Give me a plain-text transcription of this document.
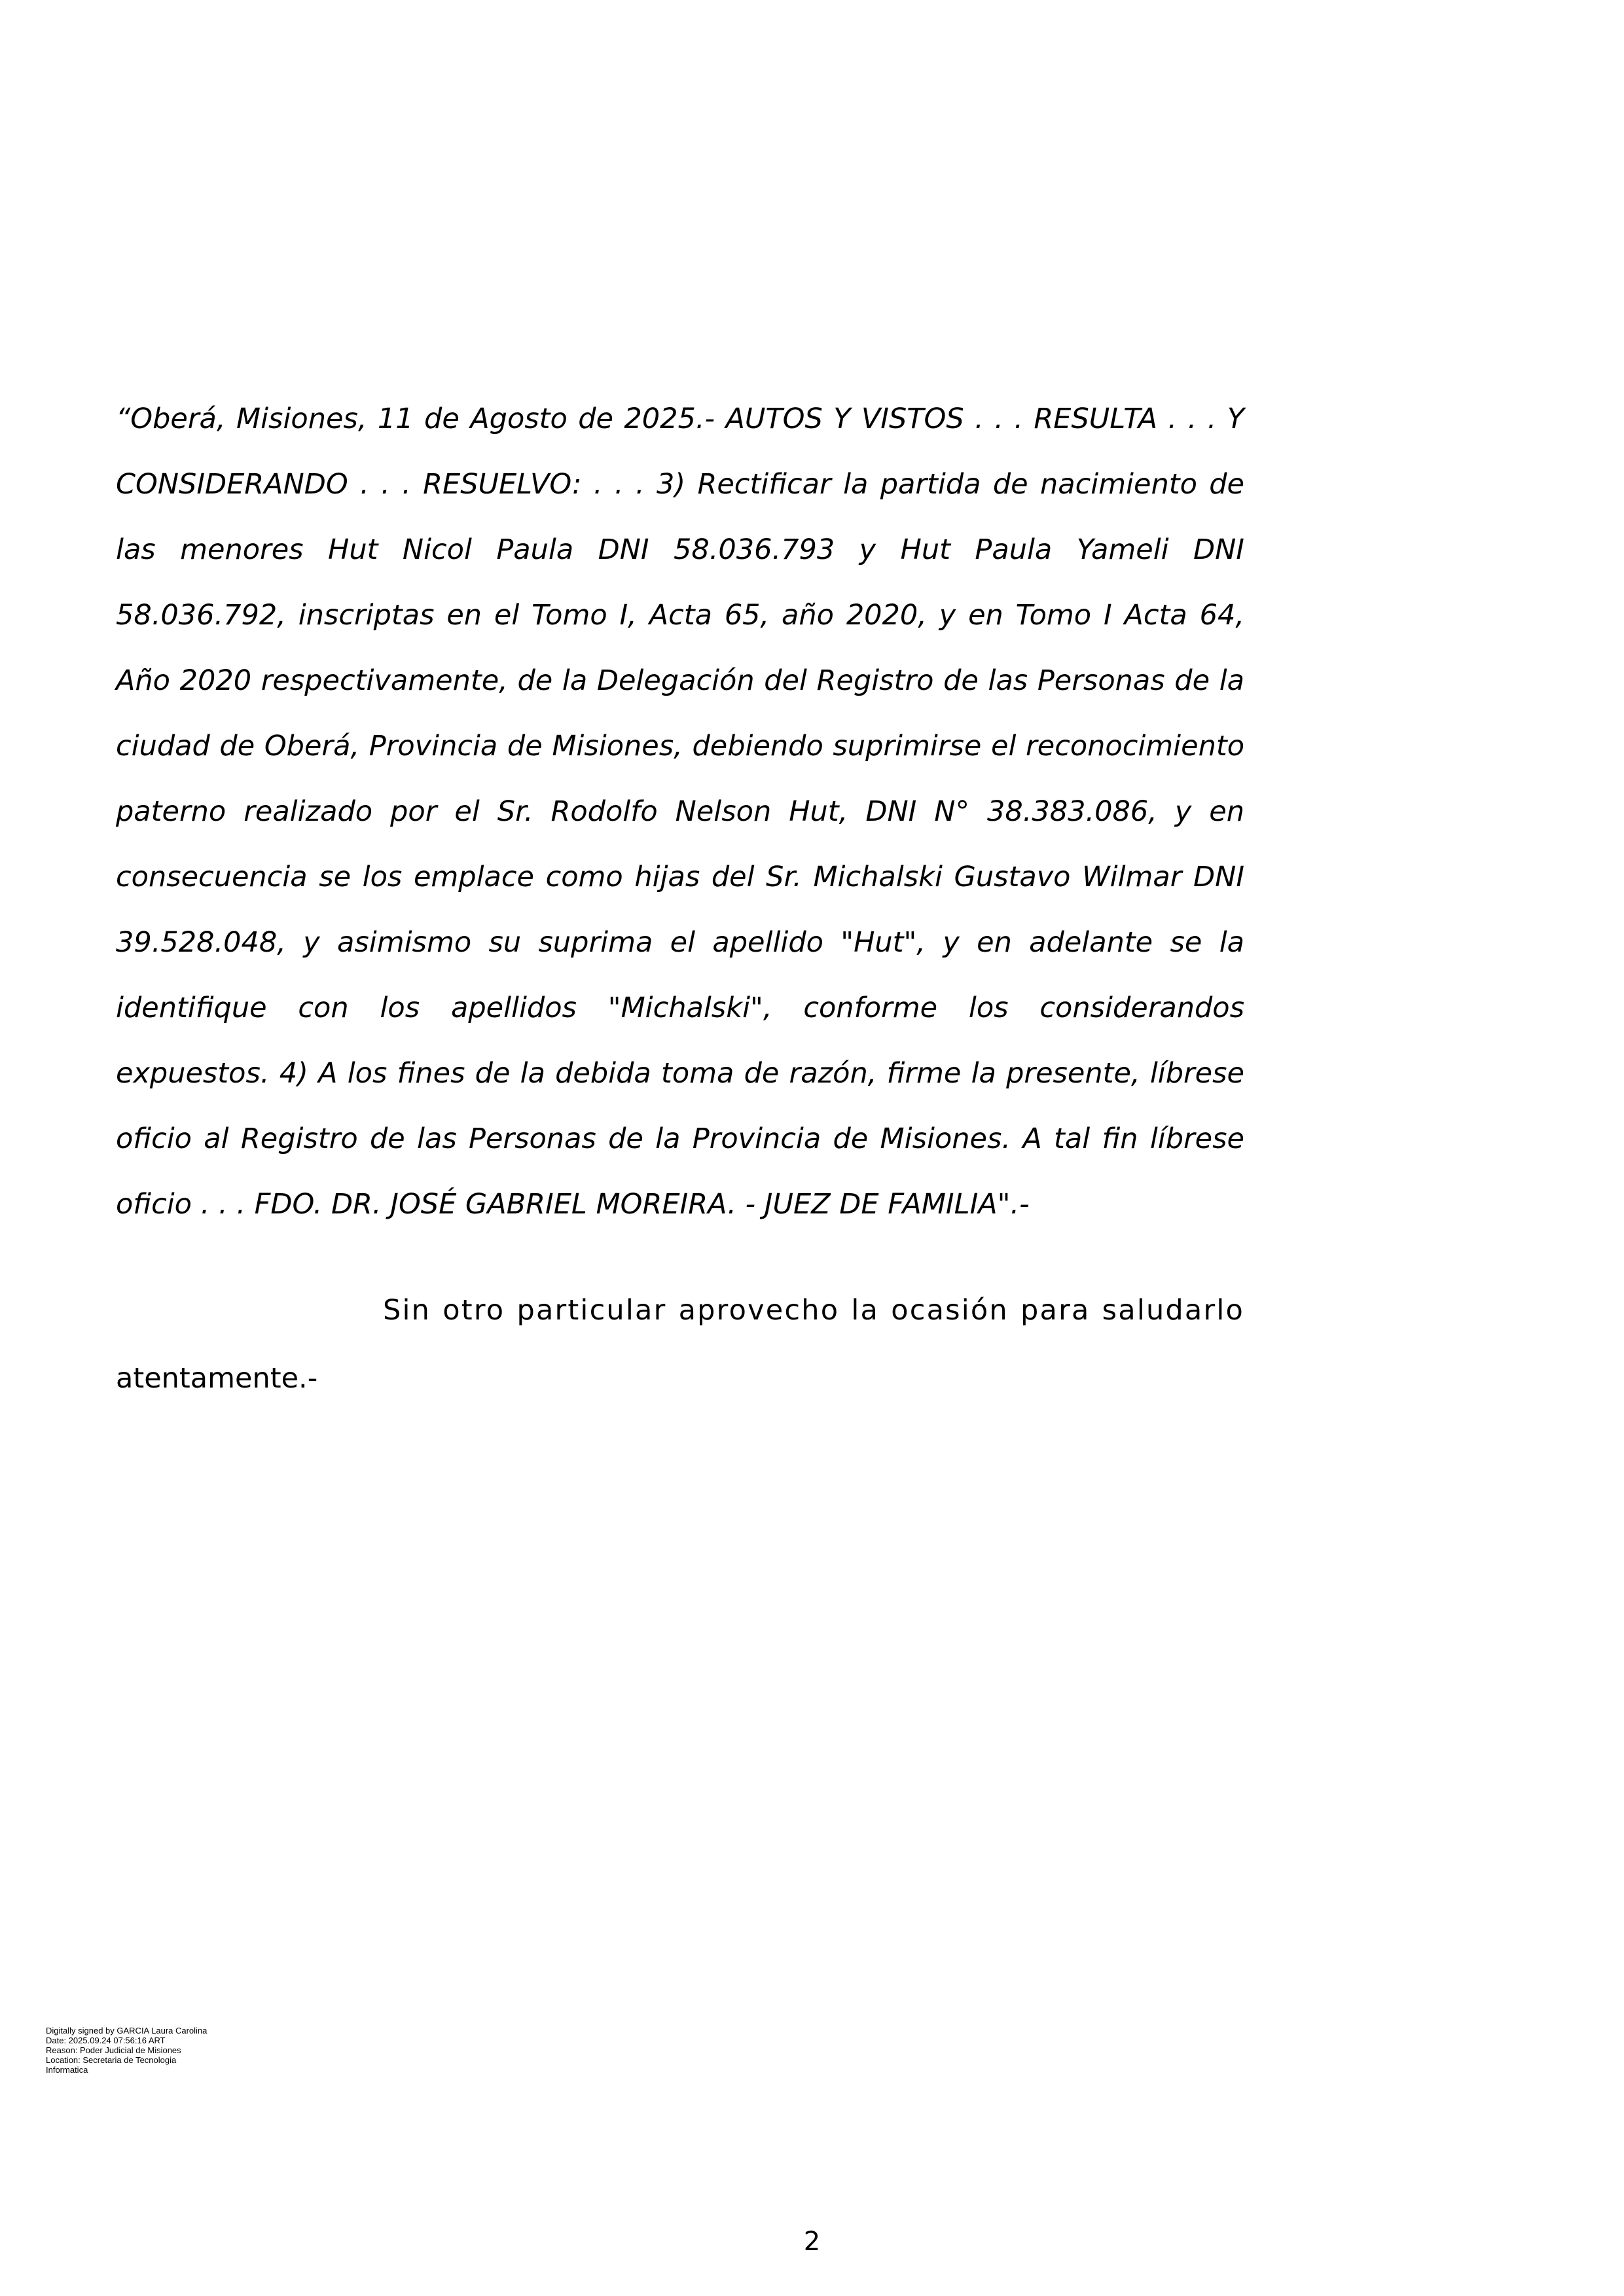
“Oberá, Misiones, 11 de Agosto de 2025.- AUTOS Y VISTOS . . . RESULTA . . . Y CONSIDERANDO . . . RESUELVO: . . . 3) Rectificar la partida de nacimiento de las menores Hut Nicol Paula DNI 58.036.793 y Hut Paula Yameli DNI 58.036.792, inscriptas en el Tomo I, Acta 65, año 2020, y en Tomo I Acta 64, Año 2020 respectivamente, de la Delegación del Registro de las Personas de la ciudad de Oberá, Provincia de Misiones, debiendo suprimirse el reconocimiento paterno realizado por el Sr. Rodolfo Nelson Hut, DNI N° 38.383.086, y en consecuencia se los emplace como hijas del Sr. Michalski Gustavo Wilmar DNI 39.528.048, y asimismo su suprima el apellido "Hut", y en adelante se la identifique con los apellidos "Michalski", conforme los considerandos expuestos. 4) A los fines de la debida toma de razón, firme la presente, líbrese oficio al Registro de las Personas de la Provincia de Misiones. A tal fin líbrese oficio . . . FDO. DR. JOSÉ GABRIEL MOREIRA. - JUEZ DE FAMILIA".-

Sin otro particular aprovecho la ocasión para saludarlo
atentamente.-
Digitally signed by GARCIA Laura Carolina
Date: 2025.09.24 07:56:16 ART
Reason: Poder Judicial de Misiones
Location: Secretaria de Tecnologia
Informatica
2
